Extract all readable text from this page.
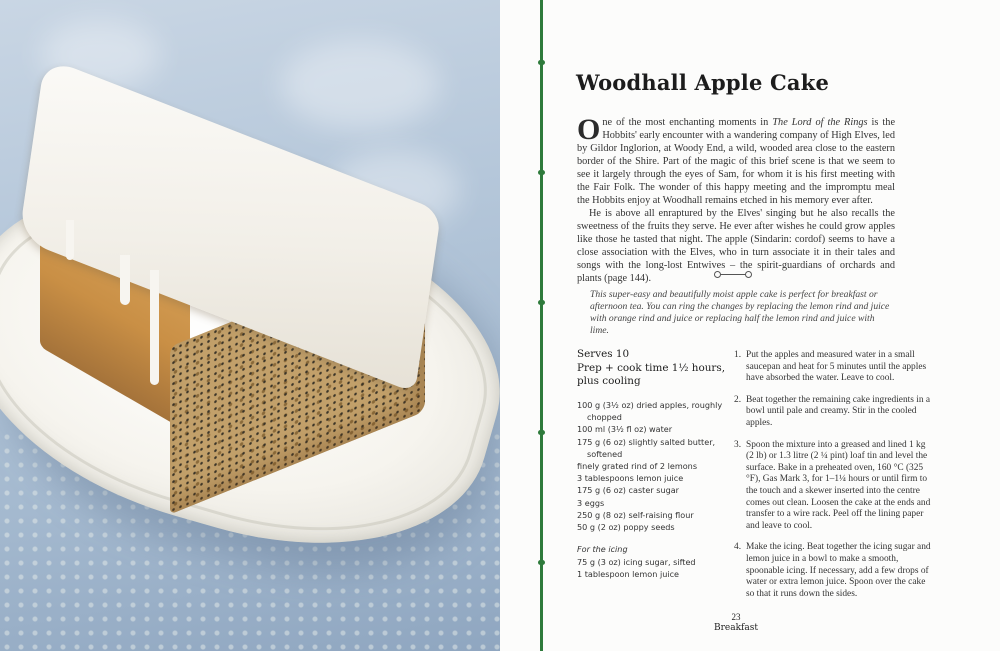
Woodhall Apple Cake

One of the most enchanting moments in The Lord of the Rings is the Hobbits' early encounter with a wandering company of High Elves, led by Gildor Inglorion, at Woody End, a wild, wooded area close to the eastern border of the Shire. Part of the magic of this brief scene is that we seem to see it largely through the eyes of Sam, for whom it is his first meeting with the Fair Folk. The wonder of this happy meeting and the impromptu meal the Hobbits enjoy at Woodhall remains etched in his memory ever after.

He is above all enraptured by the Elves' singing but he also recalls the sweetness of the fruits they serve. He ever after wishes he could grow apples like those he tasted that night. The apple (Sindarin: cordof) seems to have a close association with the Elves, who in turn associate it in their tales and songs with the long-lost Entwives – the spirit-guardians of orchards and plants (page 144).

This super-easy and beautifully moist apple cake is perfect for breakfast or afternoon tea. You can ring the changes by replacing the lemon rind and juice with orange rind and juice or replacing half the lemon rind and juice with lime.

Serves 10

Prep + cook time 1½ hours, plus cooling

100 g (3½ oz) dried apples, roughly chopped
100 ml (3½ fl oz) water
175 g (6 oz) slightly salted butter, softened
finely grated rind of 2 lemons
3 tablespoons lemon juice
175 g (6 oz) caster sugar
3 eggs
250 g (8 oz) self-raising flour
50 g (2 oz) poppy seeds

For the icing

75 g (3 oz) icing sugar, sifted
1 tablespoon lemon juice
1. Put the apples and measured water in a small saucepan and heat for 5 minutes until the apples have absorbed the water. Leave to cool.
2. Beat together the remaining cake ingredients in a bowl until pale and creamy. Stir in the cooled apples.
3. Spoon the mixture into a greased and lined 1 kg (2 lb) or 1.3 litre (2 ¼ pint) loaf tin and level the surface. Bake in a preheated oven, 160 °C (325 °F), Gas Mark 3, for 1–1¼ hours or until firm to the touch and a skewer inserted into the centre comes out clean. Loosen the cake at the ends and transfer to a wire rack. Peel off the lining paper and leave to cool.
4. Make the icing. Beat together the icing sugar and lemon juice in a bowl to make a smooth, spoonable icing. If necessary, add a few drops of water or extra lemon juice. Spoon over the cake so that it runs down the sides.

23

Breakfast
